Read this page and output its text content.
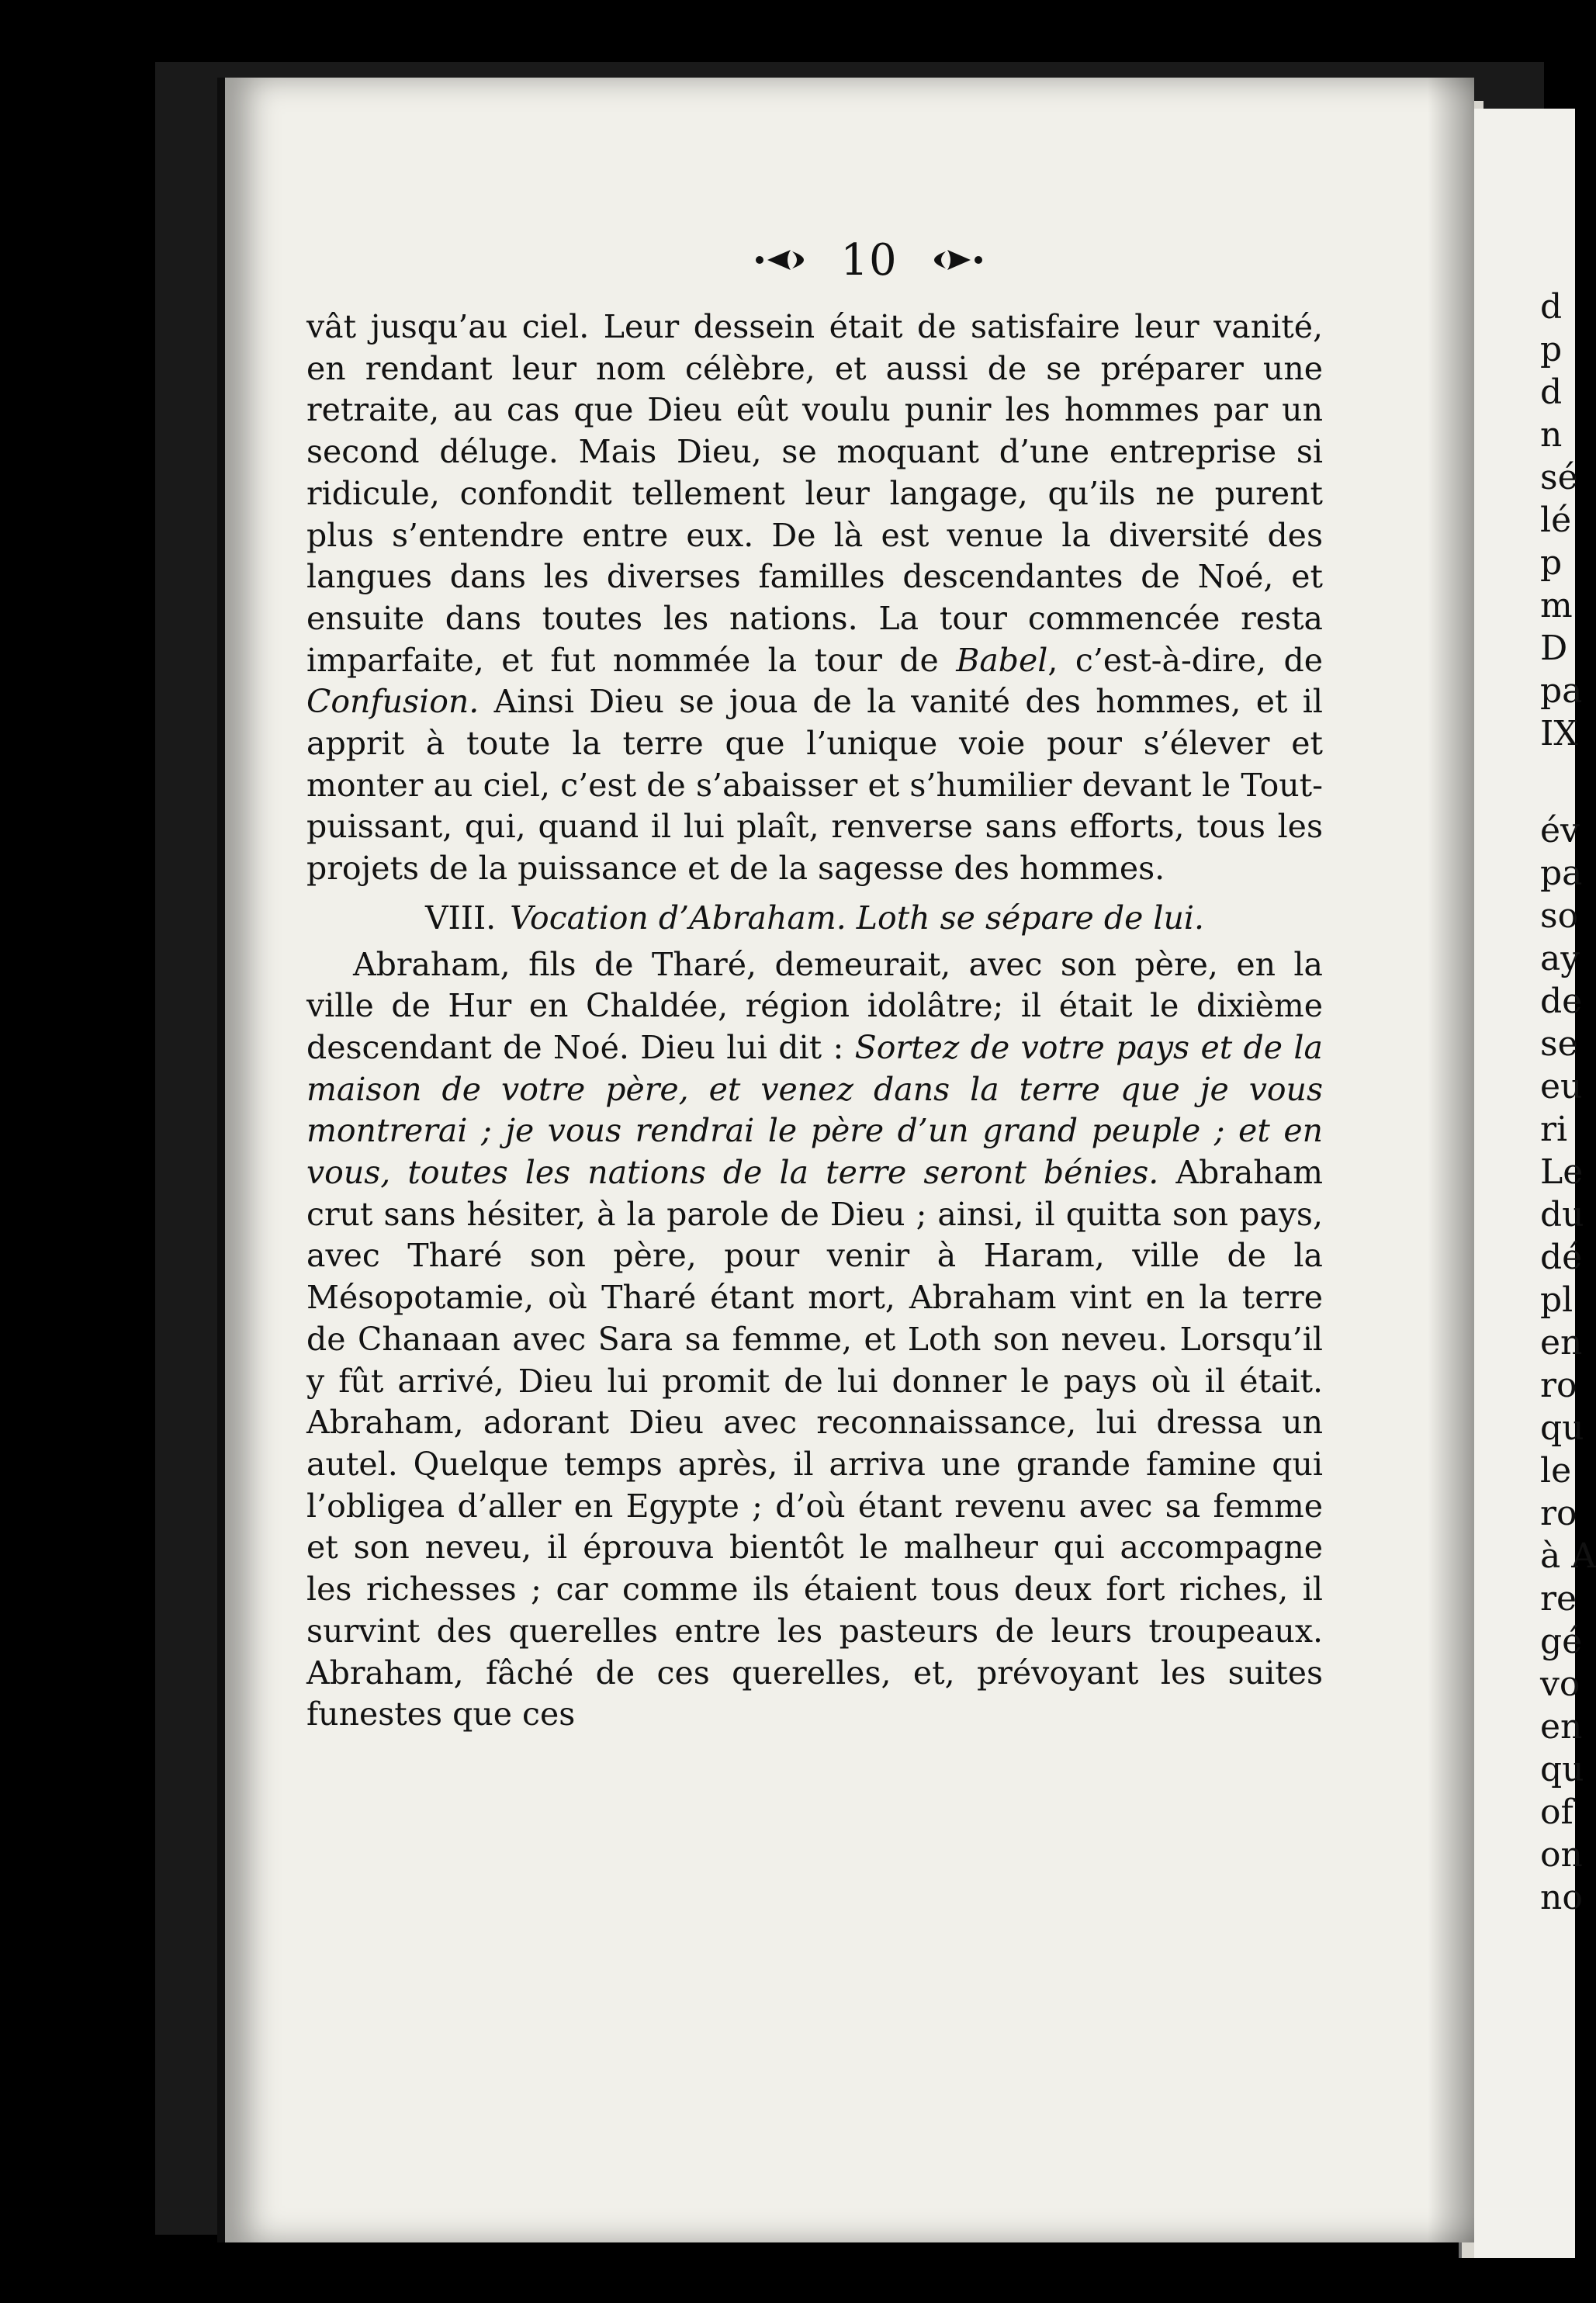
10

vât jusqu’au ciel. Leur dessein était de satisfaire leur vanité, en rendant leur nom célèbre, et aussi de se préparer une retraite, au cas que Dieu eût voulu punir les hommes par un second déluge. Mais Dieu, se moquant d’une entreprise si ridicule, confondit tellement leur langage, qu’ils ne purent plus s’entendre entre eux. De là est venue la diversité des langues dans les diverses familles descendantes de Noé, et ensuite dans toutes les nations. La tour commencée resta imparfaite, et fut nommée la tour de Babel, c’est-à-dire, de Confusion. Ainsi Dieu se joua de la vanité des hommes, et il apprit à toute la terre que l’unique voie pour s’élever et monter au ciel, c’est de s’abaisser et s’humilier devant le Tout-puissant, qui, quand il lui plaît, renverse sans efforts, tous les projets de la puissance et de la sagesse des hommes.

VIII. Vocation d’Abraham. Loth se sépare de lui.

Abraham, fils de Tharé, demeurait, avec son père, en la ville de Hur en Chaldée, région idolâtre; il était le dixième descendant de Noé. Dieu lui dit : Sortez de votre pays et de la maison de votre père, et venez dans la terre que je vous montrerai ; je vous rendrai le père d’un grand peuple ; et en vous, toutes les nations de la terre seront bénies. Abraham crut sans hésiter, à la parole de Dieu ; ainsi, il quitta son pays, avec Tharé son père, pour venir à Haram, ville de la Mésopotamie, où Tharé étant mort, Abraham vint en la terre de Chanaan avec Sara sa femme, et Loth son neveu. Lorsqu’il y fût arrivé, Dieu lui promit de lui donner le pays où il était. Abraham, adorant Dieu avec reconnaissance, lui dressa un autel. Quelque temps après, il arriva une grande famine qui l’obligea d’aller en Egypte ; d’où étant revenu avec sa femme et son neveu, il éprouva bientôt le malheur qui accompagne les richesses ; car comme ils étaient tous deux fort riches, il survint des querelles entre les pasteurs de leurs troupeaux. Abraham, fâché de ces querelles, et, prévoyant les suites funestes que ces

d
p
d
n
sé
lé
p
m
D
pa
IX
év
pa
so
ay
de
se
eu
ri
Le
du
dé
pl
en
ro
qu
le
ro
à A
re
gé
vo
en
qu
of
on
no
